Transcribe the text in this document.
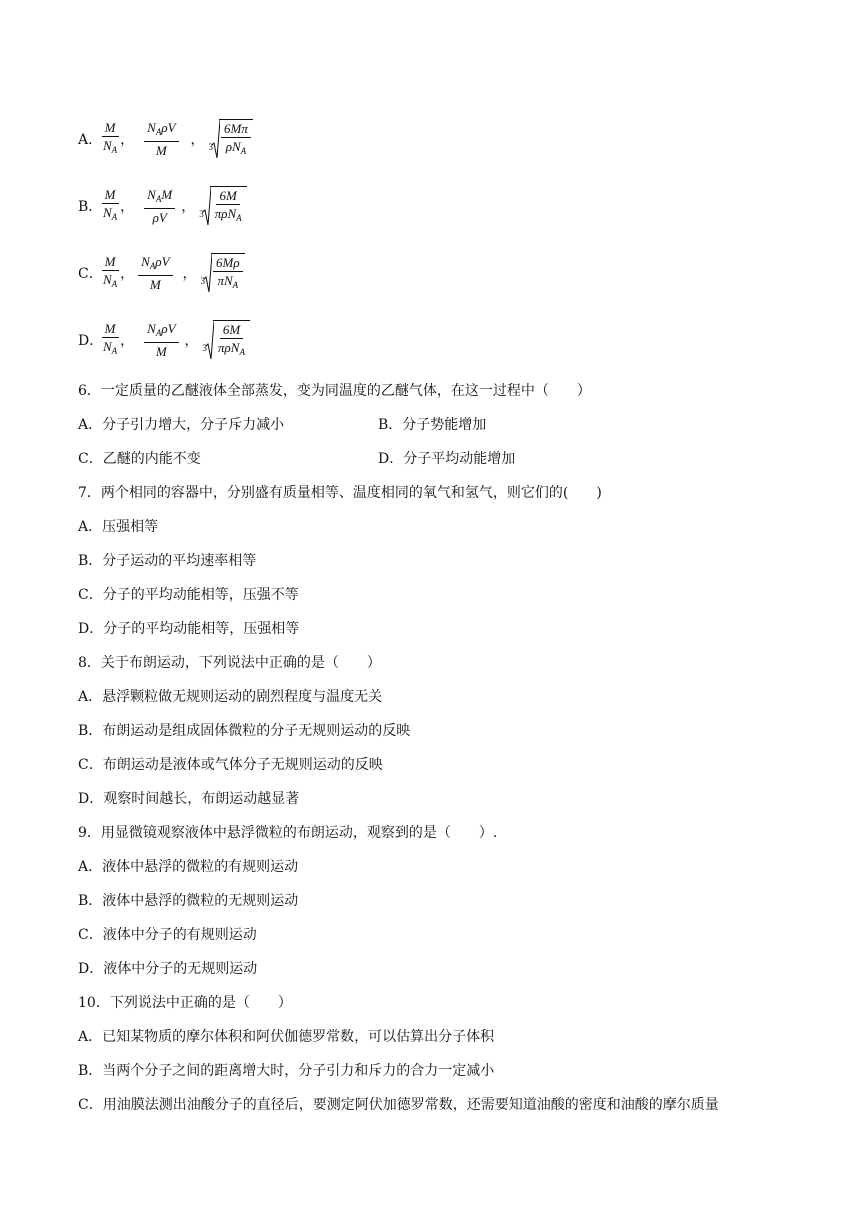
A．
$\frac{M}{N_A}$ ， $\frac{N_A\rho V}{M}$ ， $3 \frac{6M\pi}{\rho N_A}$
B．
$\frac{M}{N_A}$ ， $\frac{N_AM}{\rho V}$ ， $3 \frac{6M}{\pi\rho N_A}$
C．
$\frac{M}{N_A}$ ， $\frac{N_A\rho V}{M}$ ， $3 \frac{6M\rho}{\pi N_A}$
D．
$\frac{M}{N_A}$ ， $\frac{N_A\rho V}{M}$ ， $3 \frac{6M}{\pi\rho N_A}$
6．一定质量的乙醚液体全部蒸发，变为同温度的乙醚气体，在这一过程中（　　）
A．分子引力增大，分子斥力减小	B．分子势能增加
C．乙醚的内能不变	D．分子平均动能增加
7．两个相同的容器中，分别盛有质量相等、温度相同的氧气和氢气，则它们的(　　)
A．压强相等
B．分子运动的平均速率相等
C．分子的平均动能相等，压强不等
D．分子的平均动能相等，压强相等
8．关于布朗运动，下列说法中正确的是（　　）
A．悬浮颗粒做无规则运动的剧烈程度与温度无关
B．布朗运动是组成固体微粒的分子无规则运动的反映
C．布朗运动是液体或气体分子无规则运动的反映
D．观察时间越长，布朗运动越显著
9．用显微镜观察液体中悬浮微粒的布朗运动，观察到的是（　　）.
A．液体中悬浮的微粒的有规则运动
B．液体中悬浮的微粒的无规则运动
C．液体中分子的有规则运动
D．液体中分子的无规则运动
10．下列说法中正确的是（　　）
A．已知某物质的摩尔体积和阿伏伽德罗常数，可以估算出分子体积
B．当两个分子之间的距离增大时，分子引力和斥力的合力一定减小
C．用油膜法测出油酸分子的直径后，要测定阿伏加德罗常数，还需要知道油酸的密度和油酸的摩尔质量
